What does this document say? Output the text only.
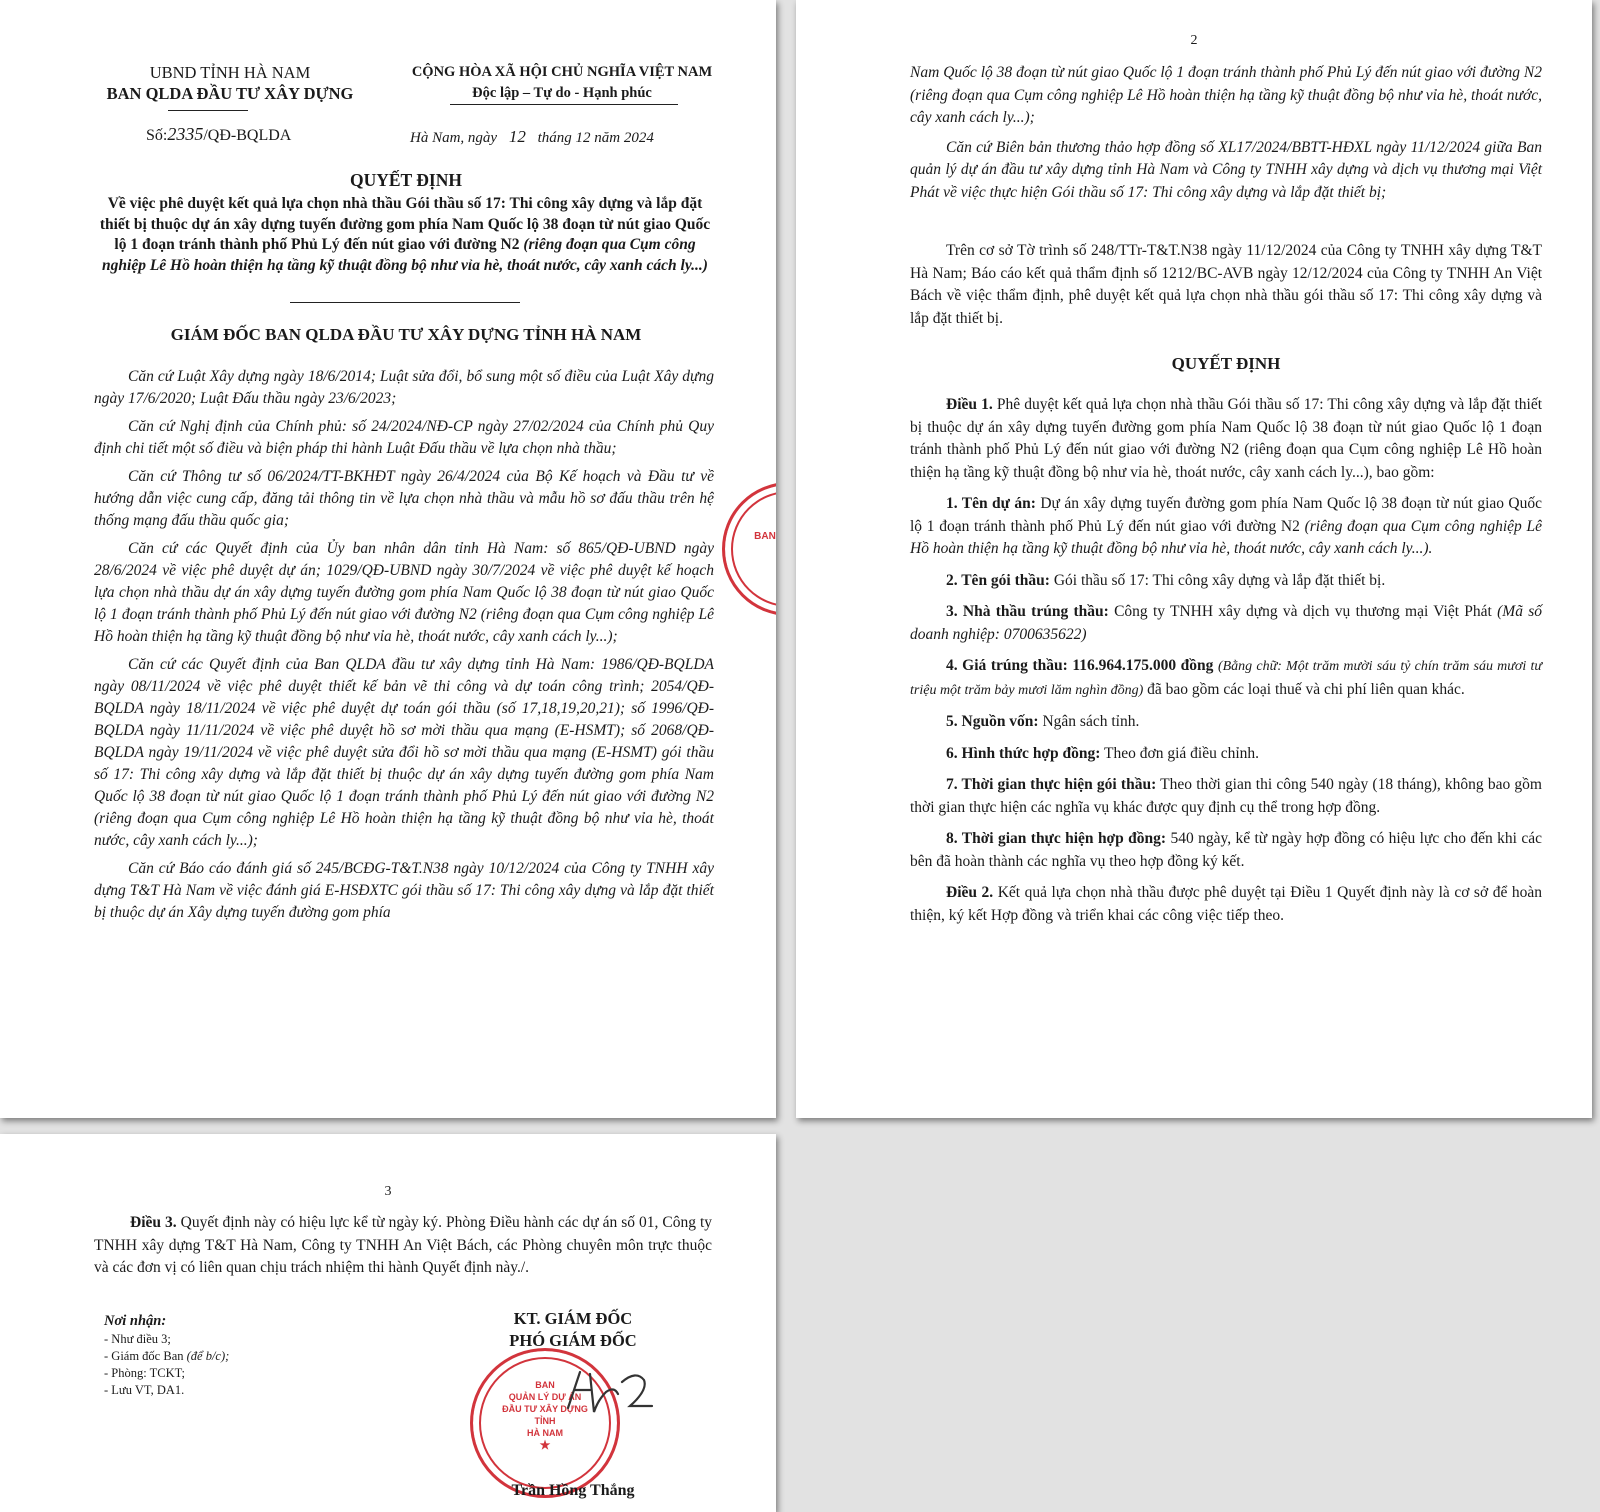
UBND TỈNH HÀ NAM
BAN QLDA ĐẦU TƯ XÂY DỰNG
CỘNG HÒA XÃ HỘI CHỦ NGHĨA VIỆT NAM
Độc lập – Tự do - Hạnh phúc
Số:2335/QĐ-BQLDA	Hà Nam, ngày 12 tháng 12 năm 2024
QUYẾT ĐỊNH
Về việc phê duyệt kết quả lựa chọn nhà thầu Gói thầu số 17: Thi công xây dựng và lắp đặt thiết bị thuộc dự án xây dựng tuyến đường gom phía Nam Quốc lộ 38 đoạn từ nút giao Quốc lộ 1 đoạn tránh thành phố Phủ Lý đến nút giao với đường N2 (riêng đoạn qua Cụm công nghiệp Lê Hồ hoàn thiện hạ tầng kỹ thuật đồng bộ như vỉa hè, thoát nước, cây xanh cách ly...)
GIÁM ĐỐC BAN QLDA ĐẦU TƯ XÂY DỰNG TỈNH HÀ NAM

Căn cứ Luật Xây dựng ngày 18/6/2014; Luật sửa đổi, bổ sung một số điều của Luật Xây dựng ngày 17/6/2020; Luật Đấu thầu ngày 23/6/2023;

Căn cứ Nghị định của Chính phủ: số 24/2024/NĐ-CP ngày 27/02/2024 của Chính phủ Quy định chi tiết một số điều và biện pháp thi hành Luật Đấu thầu về lựa chọn nhà thầu;

Căn cứ Thông tư số 06/2024/TT-BKHĐT ngày 26/4/2024 của Bộ Kế hoạch và Đầu tư về hướng dẫn việc cung cấp, đăng tải thông tin về lựa chọn nhà thầu và mẫu hồ sơ đấu thầu trên hệ thống mạng đấu thầu quốc gia;

Căn cứ các Quyết định của Ủy ban nhân dân tỉnh Hà Nam: số 865/QĐ-UBND ngày 28/6/2024 về việc phê duyệt dự án; 1029/QĐ-UBND ngày 30/7/2024 về việc phê duyệt kế hoạch lựa chọn nhà thầu dự án xây dựng tuyến đường gom phía Nam Quốc lộ 38 đoạn từ nút giao Quốc lộ 1 đoạn tránh thành phố Phủ Lý đến nút giao với đường N2 (riêng đoạn qua Cụm công nghiệp Lê Hồ hoàn thiện hạ tầng kỹ thuật đồng bộ như vỉa hè, thoát nước, cây xanh cách ly...);

Căn cứ các Quyết định của Ban QLDA đầu tư xây dựng tỉnh Hà Nam: 1986/QĐ-BQLDA ngày 08/11/2024 về việc phê duyệt thiết kế bản vẽ thi công và dự toán công trình; 2054/QĐ-BQLDA ngày 18/11/2024 về việc phê duyệt dự toán gói thầu (số 17,18,19,20,21); số 1996/QĐ-BQLDA ngày 11/11/2024 về việc phê duyệt hồ sơ mời thầu qua mạng (E-HSMT); số 2068/QĐ-BQLDA ngày 19/11/2024 về việc phê duyệt sửa đổi hồ sơ mời thầu qua mạng (E-HSMT) gói thầu số 17: Thi công xây dựng và lắp đặt thiết bị thuộc dự án xây dựng tuyến đường gom phía Nam Quốc lộ 38 đoạn từ nút giao Quốc lộ 1 đoạn tránh thành phố Phủ Lý đến nút giao với đường N2 (riêng đoạn qua Cụm công nghiệp Lê Hồ hoàn thiện hạ tầng kỹ thuật đồng bộ như vỉa hè, thoát nước, cây xanh cách ly...);

Căn cứ Báo cáo đánh giá số 245/BCĐG-T&T.N38 ngày 10/12/2024 của Công ty TNHH xây dựng T&T Hà Nam về việc đánh giá E-HSĐXTC gói thầu số 17: Thi công xây dựng và lắp đặt thiết bị thuộc dự án Xây dựng tuyến đường gom phía

BAN
2

Nam Quốc lộ 38 đoạn từ nút giao Quốc lộ 1 đoạn tránh thành phố Phủ Lý đến nút giao với đường N2 (riêng đoạn qua Cụm công nghiệp Lê Hồ hoàn thiện hạ tầng kỹ thuật đồng bộ như vỉa hè, thoát nước, cây xanh cách ly...);

Căn cứ Biên bản thương thảo hợp đồng số XL17/2024/BBTT-HĐXL ngày 11/12/2024 giữa Ban quản lý dự án đầu tư xây dựng tỉnh Hà Nam và Công ty TNHH xây dựng và dịch vụ thương mại Việt Phát về việc thực hiện Gói thầu số 17: Thi công xây dựng và lắp đặt thiết bị;

Trên cơ sở Tờ trình số 248/TTr-T&T.N38 ngày 11/12/2024 của Công ty TNHH xây dựng T&T Hà Nam; Báo cáo kết quả thẩm định số 1212/BC-AVB ngày 12/12/2024 của Công ty TNHH An Việt Bách về việc thẩm định, phê duyệt kết quả lựa chọn nhà thầu gói thầu số 17: Thi công xây dựng và lắp đặt thiết bị.

QUYẾT ĐỊNH

Điều 1. Phê duyệt kết quả lựa chọn nhà thầu Gói thầu số 17: Thi công xây dựng và lắp đặt thiết bị thuộc dự án xây dựng tuyến đường gom phía Nam Quốc lộ 38 đoạn từ nút giao Quốc lộ 1 đoạn tránh thành phố Phủ Lý đến nút giao với đường N2 (riêng đoạn qua Cụm công nghiệp Lê Hồ hoàn thiện hạ tầng kỹ thuật đồng bộ như vỉa hè, thoát nước, cây xanh cách ly...), bao gồm:

1. Tên dự án: Dự án xây dựng tuyến đường gom phía Nam Quốc lộ 38 đoạn từ nút giao Quốc lộ 1 đoạn tránh thành phố Phủ Lý đến nút giao với đường N2 (riêng đoạn qua Cụm công nghiệp Lê Hồ hoàn thiện hạ tầng kỹ thuật đồng bộ như vỉa hè, thoát nước, cây xanh cách ly...).

2. Tên gói thầu: Gói thầu số 17: Thi công xây dựng và lắp đặt thiết bị.

3. Nhà thầu trúng thầu: Công ty TNHH xây dựng và dịch vụ thương mại Việt Phát (Mã số doanh nghiệp: 0700635622)

4. Giá trúng thầu: 116.964.175.000 đồng (Bằng chữ: Một trăm mười sáu tỷ chín trăm sáu mươi tư triệu một trăm bảy mươi lăm nghìn đồng) đã bao gồm các loại thuế và chi phí liên quan khác.

5. Nguồn vốn: Ngân sách tỉnh.

6. Hình thức hợp đồng: Theo đơn giá điều chỉnh.

7. Thời gian thực hiện gói thầu: Theo thời gian thi công 540 ngày (18 tháng), không bao gồm thời gian thực hiện các nghĩa vụ khác được quy định cụ thể trong hợp đồng.

8. Thời gian thực hiện hợp đồng: 540 ngày, kể từ ngày hợp đồng có hiệu lực cho đến khi các bên đã hoàn thành các nghĩa vụ theo hợp đồng ký kết.

Điều 2. Kết quả lựa chọn nhà thầu được phê duyệt tại Điều 1 Quyết định này là cơ sở để hoàn thiện, ký kết Hợp đồng và triển khai các công việc tiếp theo.

3

Điều 3. Quyết định này có hiệu lực kể từ ngày ký. Phòng Điều hành các dự án số 01, Công ty TNHH xây dựng T&T Hà Nam, Công ty TNHH An Việt Bách, các Phòng chuyên môn trực thuộc và các đơn vị có liên quan chịu trách nhiệm thi hành Quyết định này./.

Nơi nhận:
- Như điều 3;
- Giám đốc Ban (để b/c);
- Phòng: TCKT;
- Lưu VT, DA1.
KT. GIÁM ĐỐC
PHÓ GIÁM ĐỐC
BAN
QUẢN LÝ DỰ ÁN
ĐẦU TƯ XÂY DỰNG
TỈNH
HÀ NAM
★
Trần Hồng Thắng
